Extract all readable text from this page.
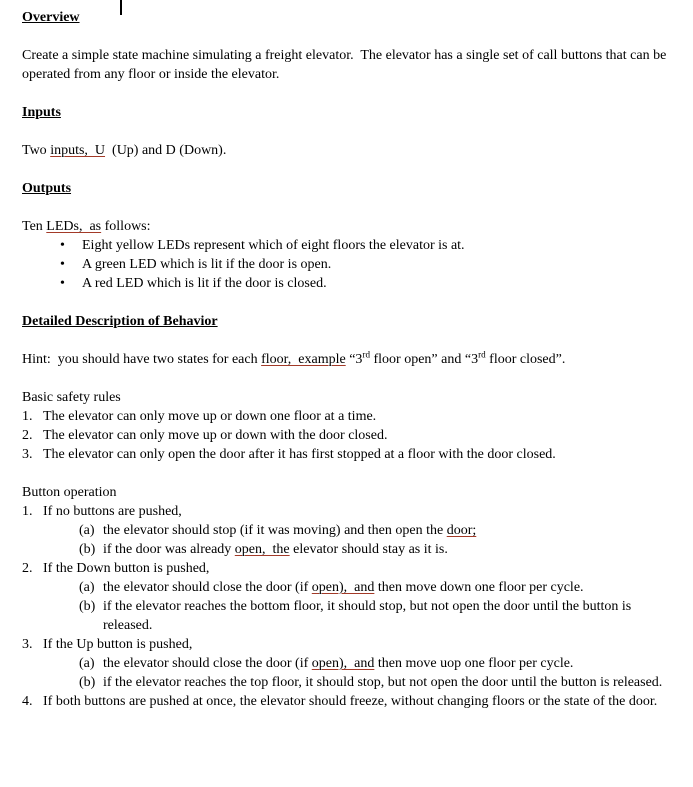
Overview
Create a simple state machine simulating a freight elevator.  The elevator has a single set of call buttons that can be operated from any floor or inside the elevator.
Inputs
Two inputs,  U  (Up) and D (Down).
Outputs
Ten LEDs,  as follows:
•	Eight yellow LEDs represent which of eight floors the elevator is at.
•	A green LED which is lit if the door is open.
•	A red LED which is lit if the door is closed.
Detailed Description of Behavior
Hint:  you should have two states for each floor,  example “3rd floor open” and “3rd floor closed”.
Basic safety rules
1. The elevator can only move up or down one floor at a time.
2. The elevator can only move up or down with the door closed.
3. The elevator can only open the door after it has first stopped at a floor with the door closed.
Button operation
1. If no buttons are pushed,
(a) the elevator should stop (if it was moving) and then open the door;
(b) if the door was already open,  the elevator should stay as it is.
2. If the Down button is pushed,
(a) the elevator should close the door (if open),  and then move down one floor per cycle.
(b) if the elevator reaches the bottom floor, it should stop, but not open the door until the button is released.
3. If the Up button is pushed,
(a) the elevator should close the door (if open),  and then move uop one floor per cycle.
(b) if the elevator reaches the top floor, it should stop, but not open the door until the button is released.
4. If both buttons are pushed at once, the elevator should freeze, without changing floors or the state of the door.
